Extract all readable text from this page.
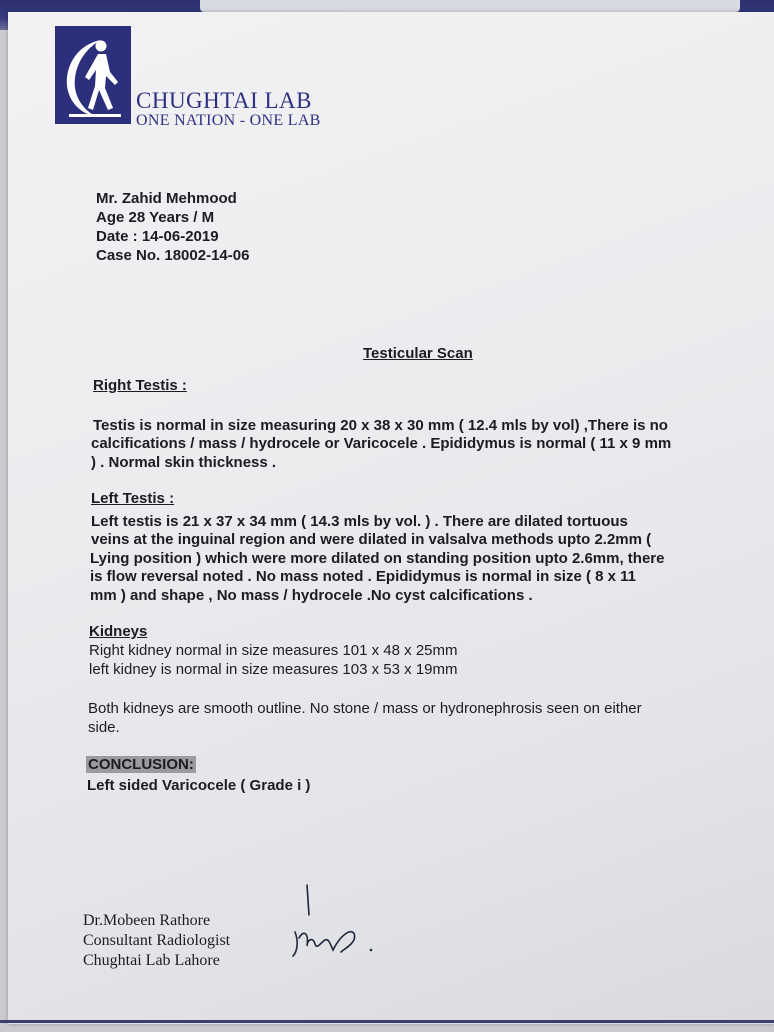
CHUGHTAI LAB
ONE NATION - ONE LAB
Mr. Zahid Mehmood
Age 28 Years / M
Date : 14-06-2019
Case No. 18002-14-06
Testicular Scan
Right Testis :
Testis is normal in size measuring 20 x 38 x 30 mm ( 12.4 mls by vol) ,There is no
calcifications / mass / hydrocele or Varicocele . Epididymus is normal ( 11 x 9 mm
) . Normal skin thickness .
Left Testis :
Left testis is 21 x 37 x 34 mm ( 14.3 mls by vol. ) . There are dilated tortuous
veins at the inguinal region and were dilated in valsalva methods upto 2.2mm (
Lying position ) which were more dilated on standing position upto 2.6mm, there
is flow reversal noted . No mass noted . Epididymus is normal in size ( 8 x 11
mm ) and shape , No mass / hydrocele .No cyst calcifications .
Kidneys
Right kidney normal in size measures 101 x 48 x 25mm
left kidney is normal in size measures 103 x 53 x 19mm
Both kidneys are smooth outline. No stone / mass or hydronephrosis seen on either
side.
CONCLUSION:
Left sided Varicocele ( Grade i )
Dr.Mobeen Rathore
Consultant Radiologist
Chughtai Lab Lahore
